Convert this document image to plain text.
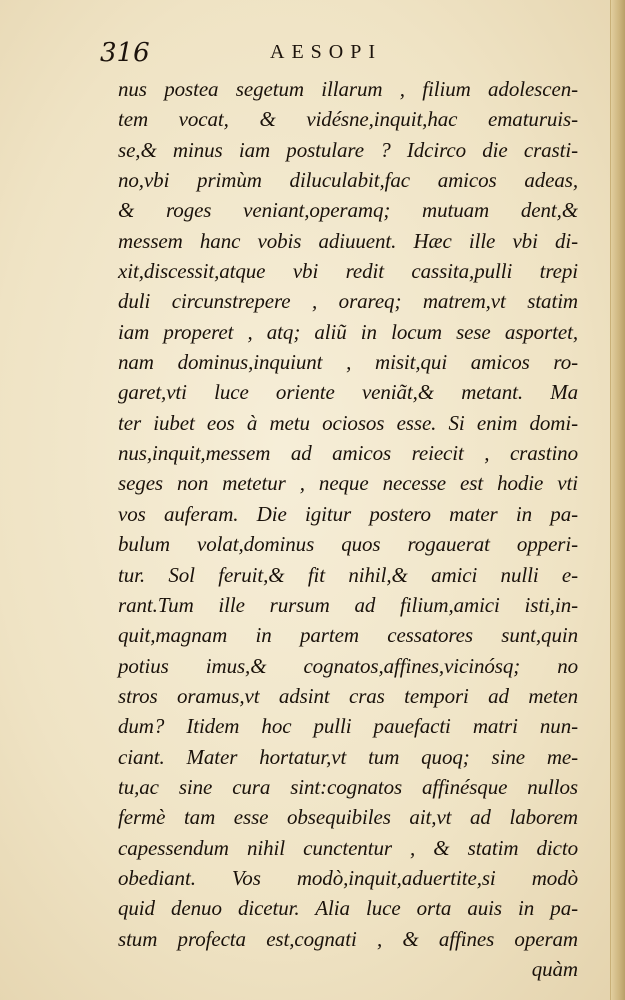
316	AESOPI
nus postea segetum illarum , filium adolescen-
tem vocat, & vidésne,inquit,hac ematuruis-
se,& minus iam postulare ? Idcirco die crasti-
no,vbi primùm diluculabit,fac amicos adeas,
& roges veniant,operamq; mutuam dent,&
messem hanc vobis adiuuent. Hæc ille vbi di-
xit,discessit,atque vbi redit cassita,pulli trepi
duli circunstrepere , orareq; matrem,vt statim
iam properet , atq; aliũ in locum sese asportet,
nam dominus,inquiunt , misit,qui amicos ro-
garet,vti luce oriente veniãt,& metant. Ma
ter iubet eos à metu ociosos esse. Si enim domi-
nus,inquit,messem ad amicos reiecit , crastino
seges non metetur , neque necesse est hodie vti
vos auferam. Die igitur postero mater in pa-
bulum volat,dominus quos rogauerat opperi-
tur. Sol feruit,& fit nihil,& amici nulli e-
rant.Tum ille rursum ad filium,amici isti,in-
quit,magnam in partem cessatores sunt,quin
potius imus,& cognatos,affines,vicinósq; no
stros oramus,vt adsint cras tempori ad meten
dum? Itidem hoc pulli pauefacti matri nun-
ciant. Mater hortatur,vt tum quoq; sine me-
tu,ac sine cura sint:cognatos affinésque nullos
fermè tam esse obsequibiles ait,vt ad laborem
capessendum nihil cunctentur , & statim dicto
obediant. Vos modò,inquit,aduertite,si modò
quid denuo dicetur. Alia luce orta auis in pa-
stum profecta est,cognati , & affines operam
quàm
